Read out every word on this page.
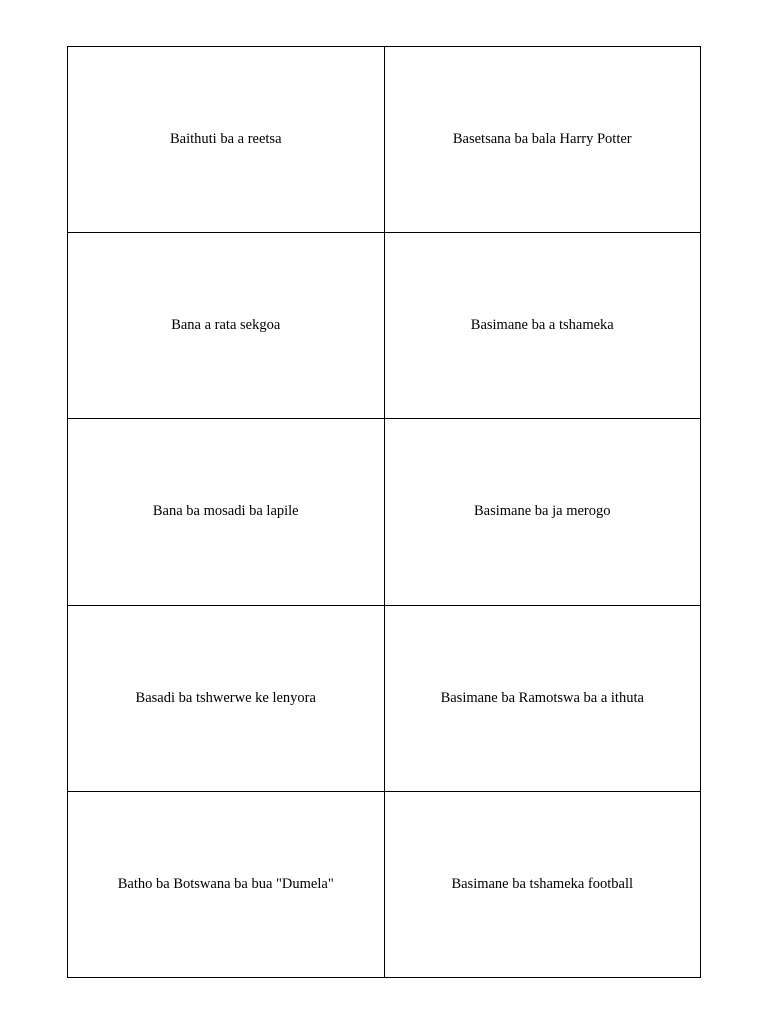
Baithuti ba a reetsa	Basetsana ba bala Harry Potter
Bana a rata sekgoa	Basimane ba a tshameka
Bana ba mosadi ba lapile	Basimane ba ja merogo
Basadi ba tshwerwe ke lenyora	Basimane ba Ramotswa ba a ithuta
Batho ba Botswana ba bua "Dumela"	Basimane ba tshameka football
